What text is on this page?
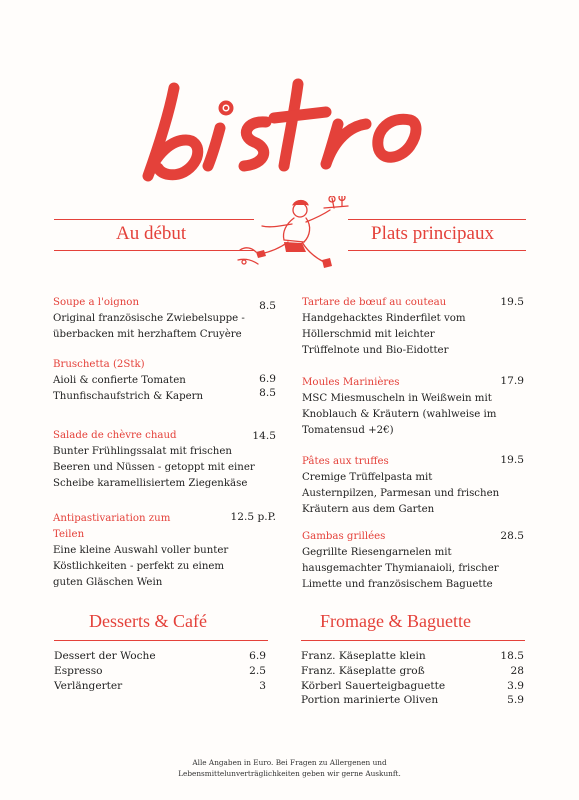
Au début	Plats principaux
Soupe a l'oignon
Original französische Zwiebelsuppe -
überbacken mit herzhaftem Cruyère
8.5
Bruschetta (2Stk)
Aioli & confierte Tomaten
Thunfischaufstrich & Kapern
6.9
8.5
Salade de chèvre chaud
Bunter Frühlingssalat mit frischen
Beeren und Nüssen - getoppt mit einer
Scheibe karamellisiertem Ziegenkäse
14.5
Antipastivariation zum
Teilen
Eine kleine Auswahl voller bunter
Köstlichkeiten - perfekt zu einem
guten Gläschen Wein
12.5 p.P.
Tartare de bœuf au couteau
Handgehacktes Rinderfilet vom
Höllerschmid mit leichter
Trüffelnote und Bio-Eidotter
19.5
Moules Marinières
MSC Miesmuscheln in Weißwein mit
Knoblauch & Kräutern (wahlweise im
Tomatensud +2€)
17.9
Pâtes aux truffes
Cremige Trüffelpasta mit
Austernpilzen, Parmesan und frischen
Kräutern aus dem Garten
19.5
Gambas grillées
Gegrillte Riesengarnelen mit
hausgemachter Thymianaioli, frischer
Limette und französischem Baguette
28.5
Desserts & Café
Dessert der Woche	6.9
Espresso	2.5
Verlängerter	3
Fromage & Baguette
Franz. Käseplatte klein	18.5
Franz. Käseplatte groß	28
Körberl Sauerteigbaguette	3.9
Portion marinierte Oliven	5.9
Alle Angaben in Euro. Bei Fragen zu Allergenen und
Lebensmittelunverträglichkeiten geben wir gerne Auskunft.
